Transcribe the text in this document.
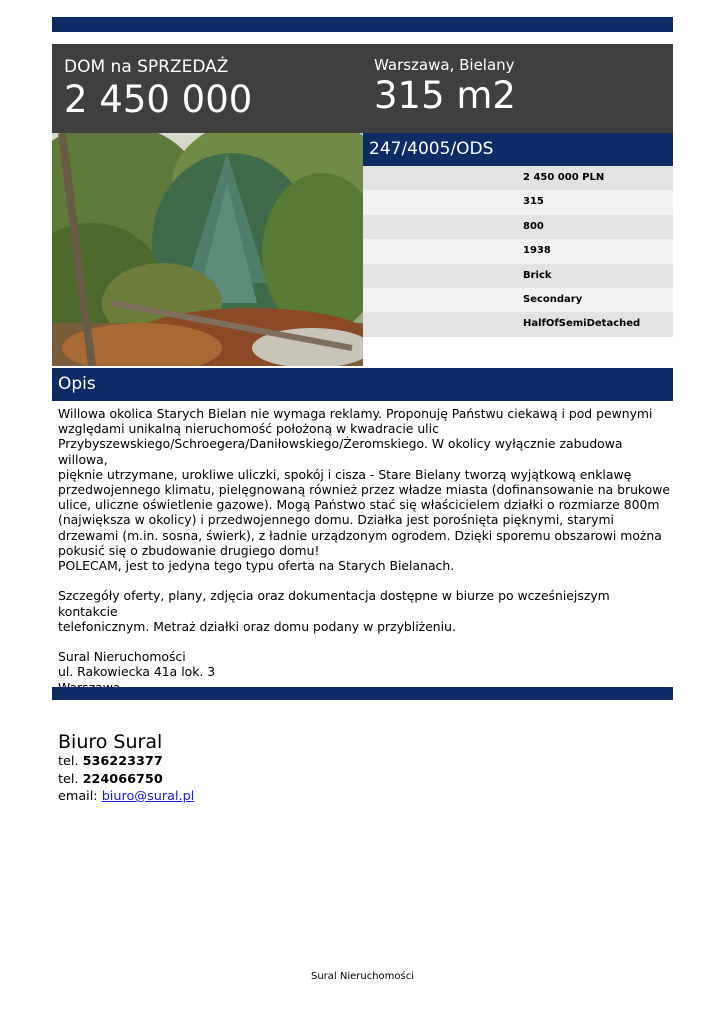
DOM na SPRZEDAŻ
2 450 000
Warszawa, Bielany
315 m2
247/4005/ODS
2 450 000 PLN
315
800
1938
Brick
Secondary
HalfOfSemiDetached
Opis

Willowa okolica Starych Bielan nie wymaga reklamy. Proponuję Państwu ciekawą i pod pewnymi

względami unikalną nieruchomość położoną w kwadracie ulic

Przybyszewskiego/Schroegera/Daniłowskiego/Żeromskiego. W okolicy wyłącznie zabudowa willowa,

pięknie utrzymane, urokliwe uliczki, spokój i cisza - Stare Bielany tworzą wyjątkową enklawę

przedwojennego klimatu, pielęgnowaną również przez władze miasta (dofinansowanie na brukowe

ulice, uliczne oświetlenie gazowe). Mogą Państwo stać się właścicielem działki o rozmiarze 800m

(największa w okolicy) i przedwojennego domu. Działka jest porośnięta pięknymi, starymi

drzewami (m.in. sosna, świerk), z ładnie urządzonym ogrodem. Dzięki sporemu obszarowi można

pokusić się o zbudowanie drugiego domu!

POLECAM, jest to jedyna tego typu oferta na Starych Bielanach.

Szczegóły oferty, plany, zdjęcia oraz dokumentacja dostępne w biurze po wcześniejszym kontakcie

telefonicznym. Metraż działki oraz domu podany w przybliżeniu.

Sural Nieruchomości

ul. Rakowiecka 41a lok. 3

Biuro Sural
tel. 536223377
tel. 224066750
email: biuro@sural.pl
Sural Nieruchomości
